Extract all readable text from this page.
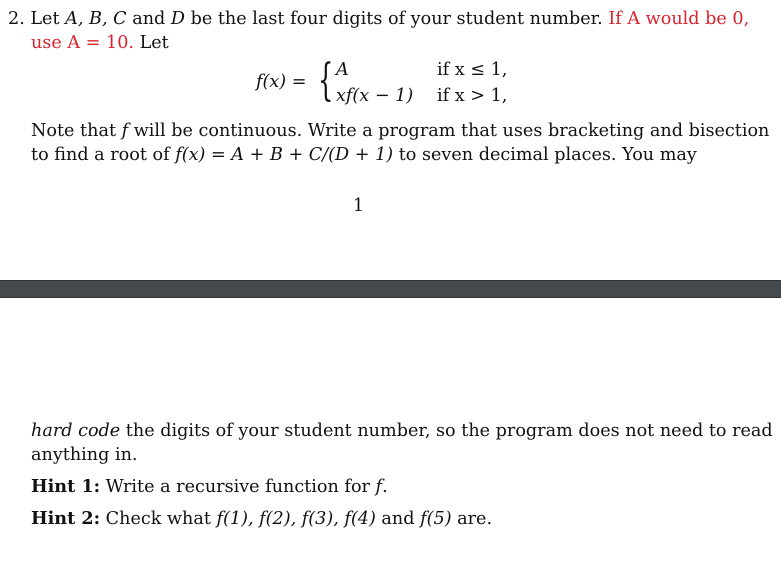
2. Let A, B, C and D be the last four digits of your student number. If A would be 0,
use A = 10. Let
f(x) = { A	if x ≤ 1,
xf(x − 1) if x > 1,
Note that f will be continuous. Write a program that uses bracketing and bisection
to find a root of f(x) = A + B + C/(D + 1) to seven decimal places. You may
1
hard code the digits of your student number, so the program does not need to read
anything in.
Hint 1: Write a recursive function for f.
Hint 2: Check what f(1), f(2), f(3), f(4) and f(5) are.
